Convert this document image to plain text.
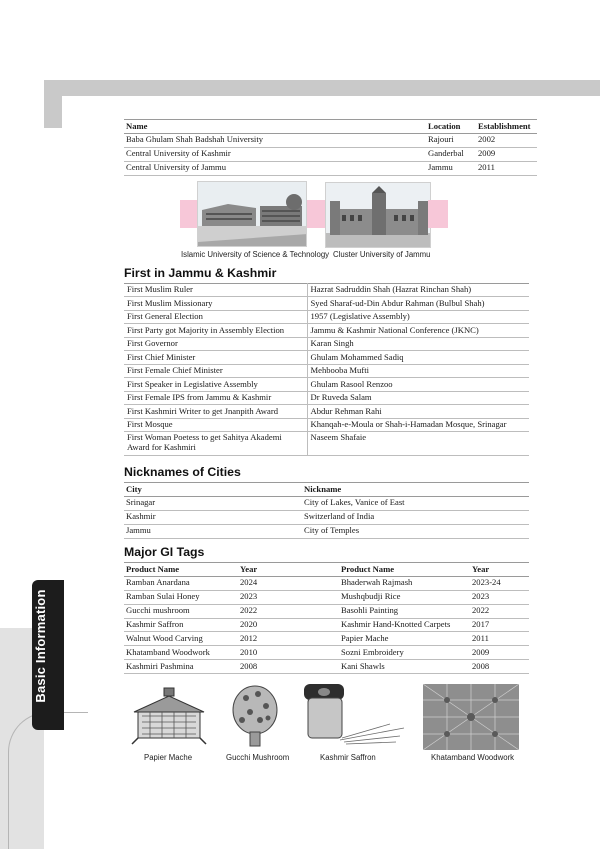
Basic Information
Name	Location	Establishment
Baba Ghulam Shah Badshah University	Rajouri	2002
Central University of Kashmir	Ganderbal	2009
Central University of Jammu	Jammu	2011
Islamic University of Science & Technology Cluster University of Jammu
First in Jammu & Kashmir
First Muslim Ruler	Hazrat Sadruddin Shah (Hazrat Rinchan Shah)
First Muslim Missionary	Syed Sharaf-ud-Din Abdur Rahman (Bulbul Shah)
First General Election	1957 (Legislative Assembly)
First Party got Majority in Assembly Election	Jammu & Kashmir National Conference (JKNC)
First Governor	Karan Singh
First Chief Minister	Ghulam Mohammed Sadiq
First Female Chief Minister	Mehbooba Mufti
First Speaker in Legislative Assembly	Ghulam Rasool Renzoo
First Female IPS from Jammu & Kashmir	Dr Ruveda Salam
First Kashmiri Writer to get Jnanpith Award	Abdur Rehman Rahi
First Mosque	Khanqah-e-Moula or Shah-i-Hamadan Mosque, Srinagar
First Woman Poetess to get Sahitya Akademi Award for Kashmiri	Naseem Shafaie
Nicknames of Cities
City	Nickname
Srinagar	City of Lakes, Vanice of East
Kashmir	Switzerland of India
Jammu	City of Temples
Major GI Tags
Product Name	Year	Product Name	Year
Ramban Anardana	2024	Bhaderwah Rajmash	2023-24
Ramban Sulai Honey	2023	Mushqbudji Rice	2023
Gucchi mushroom	2022	Basohli Painting	2022
Kashmir Saffron	2020	Kashmir Hand-Knotted Carpets	2017
Walnut Wood Carving	2012	Papier Mache	2011
Khatamband Woodwork	2010	Sozni Embroidery	2009
Kashmiri Pashmina	2008	Kani Shawls	2008
Papier Mache	Gucchi Mushroom	Kashmir Saffron	Khatamband Woodwork
